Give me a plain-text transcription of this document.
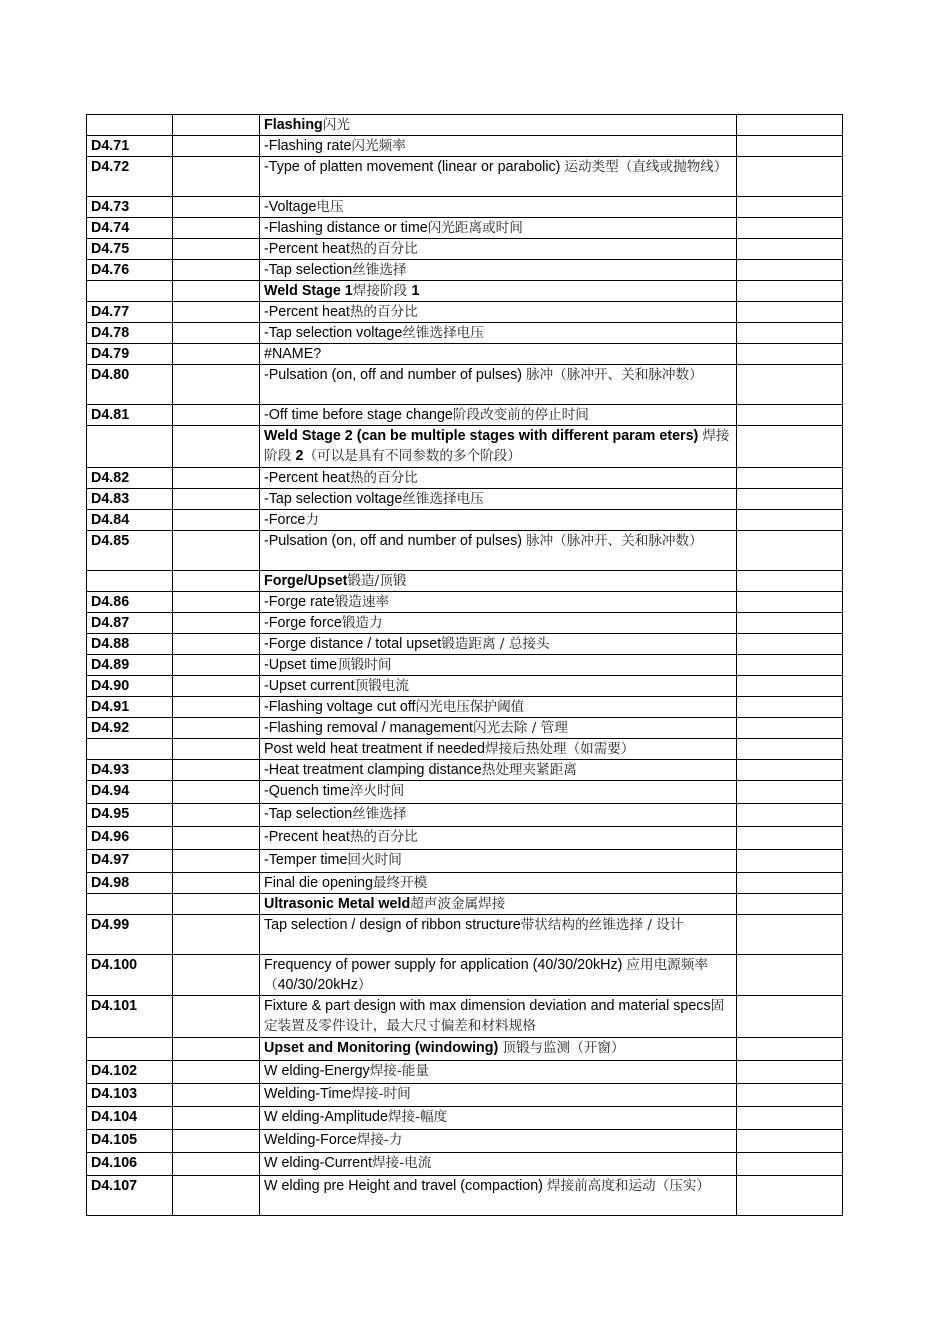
		Flashing闪光	
D4.71		-Flashing rate闪光频率	
D4.72		-Type of platten movement (linear or parabolic) 运动类型（直线或抛物线）	
D4.73		-Voltage电压	
D4.74		-Flashing distance or time闪光距离或时间	
D4.75		-Percent heat热的百分比	
D4.76		-Tap selection丝锥选择	
		Weld Stage 1焊接阶段 1	
D4.77		-Percent heat热的百分比	
D4.78		-Tap selection voltage丝锥选择电压	
D4.79		#NAME?	
D4.80		-Pulsation (on, off and number of pulses) 脉冲（脉冲开、关和脉冲数）	
D4.81		-Off time before stage change阶段改变前的停止时间	
		Weld Stage 2 (can be multiple stages with different param eters) 焊接阶段 2（可以是具有不同参数的多个阶段）	
D4.82		-Percent heat热的百分比	
D4.83		-Tap selection voltage丝锥选择电压	
D4.84		-Force力	
D4.85		-Pulsation (on, off and number of pulses) 脉冲（脉冲开、关和脉冲数）	
		Forge/Upset锻造/顶锻	
D4.86		-Forge rate锻造速率	
D4.87		-Forge force锻造力	
D4.88		-Forge distance / total upset锻造距离 / 总接头	
D4.89		-Upset time顶锻时间	
D4.90		-Upset current顶锻电流	
D4.91		-Flashing voltage cut off闪光电压保护阈值	
D4.92		-Flashing removal / management闪光去除 / 管理	
		Post weld heat treatment if needed焊接后热处理（如需要）	
D4.93		-Heat treatment clamping distance热处理夹紧距离	
D4.94		-Quench time淬火时间	
D4.95		-Tap selection丝锥选择	
D4.96		-Precent heat热的百分比	
D4.97		-Temper time回火时间	
D4.98		Final die opening最终开模	
		Ultrasonic Metal weld超声波金属焊接	
D4.99		Tap selection / design of ribbon structure带状结构的丝锥选择 / 设计	
D4.100		Frequency of power supply for application (40/30/20kHz) 应用电源频率（40/30/20kHz）	
D4.101		Fixture & part design with max dimension deviation and material specs固定装置及零件设计，最大尺寸偏差和材料规格	
		Upset and Monitoring (windowing) 顶锻与监测（开窗）	
D4.102		W elding-Energy焊接-能量	
D4.103		Welding-Time焊接-时间	
D4.104		W elding-Amplitude焊接-幅度	
D4.105		Welding-Force焊接-力	
D4.106		W elding-Current焊接-电流	
D4.107		W elding pre Height and travel (compaction) 焊接前高度和运动（压实）	
